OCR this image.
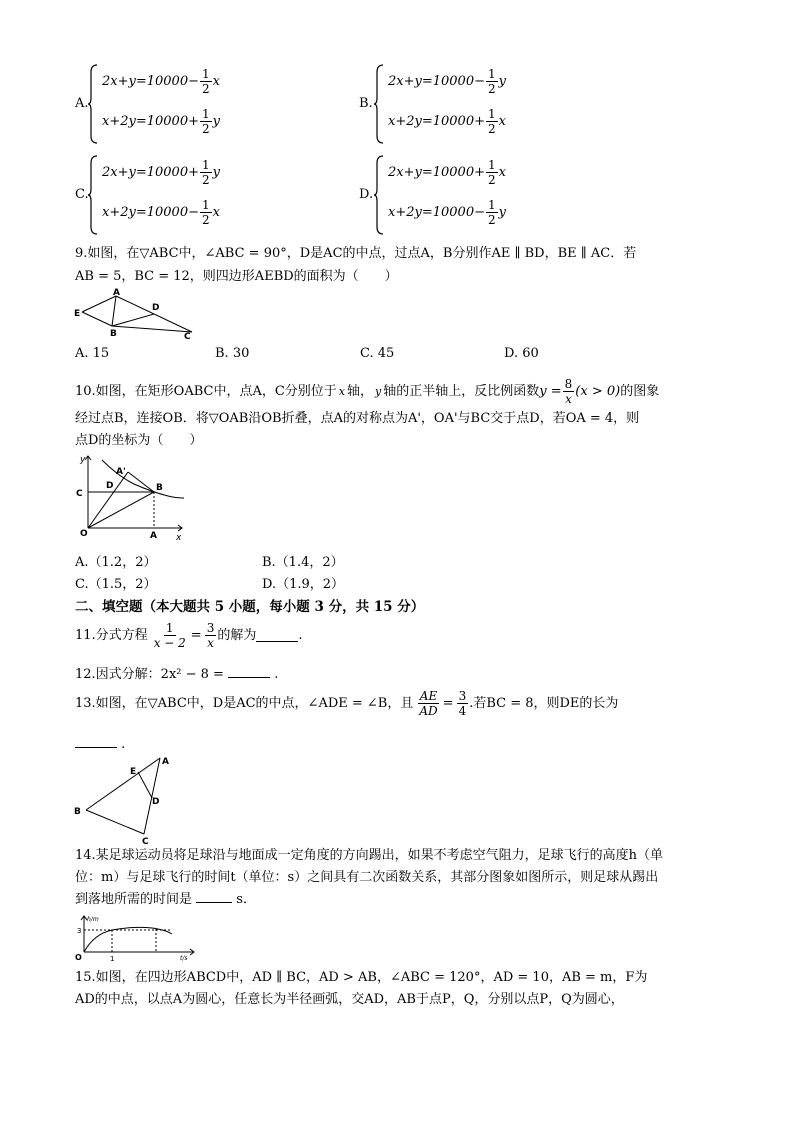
A.
$2x+y=10000- \frac{1}{2}$ x
$x+2y=10000+ \frac{1}{2}$ y
B.
$2x+y=10000- \frac{1}{2}$ y
$x+2y=10000+ \frac{1}{2}$ x
C.
$2x+y=10000+ \frac{1}{2}$ y
$x+2y=10000- \frac{1}{2}$ x
D.
$2x+y=10000+ \frac{1}{2}$ x
$x+2y=10000- \frac{1}{2}$ y
9.如图，在▽ABC中，∠ABC = 90°，D是AC的中点，过点A，B分别作AE ∥ BD，BE ∥ AC．若
AB = 5，BC = 12，则四边形AEBD的面积为（　　）
A
E
B
D
C
A. 15	B. 30	C. 45	D. 60
10.如图，在矩形OABC中，点A，C分别位于 x 轴， y 轴的正半轴上，反比例函数 $y = \frac{8}{x} (x > 0)$ 的图象
经过点B，连接OB．将▽OAB沿OB折叠，点A的对称点为A'，OA'与BC交于点D，若OA = 4，则
点D的坐标为（　　）
y
x
O	A
B
C
D
A'
A.（1.2，2）	B.（1.4，2）
C.（1.5，2）	D.（1.9，2）
二、填空题（本大题共 5 小题，每小题 3 分，共 15 分）
11.分式方程 $\frac{1}{x - 2} = \frac{3}{x}$ 的解为	.
12.因式分解：2x² − 8 =	.
13.如图，在▽ABC中，D是AC的中点，∠ADE = ∠B，且 $\frac{AE}{AD} = \frac{3}{4}$ .若BC = 8，则DE的长为
.
A
B
C
D
E
14.某足球运动员将足球沿与地面成一定角度的方向踢出，如果不考虑空气阻力，足球飞行的高度h（单
位：m）与足球飞行的时间t（单位：s）之间具有二次函数关系，其部分图象如图所示，则足球从踢出
到落地所需的时间是	s．
h/m
t/s
O
3
1
15.如图，在四边形ABCD中，AD ∥ BC，AD > AB，∠ABC = 120°，AD = 10，AB = m，F为
AD的中点，以点A为圆心，任意长为半径画弧，交AD，AB于点P，Q，分别以点P，Q为圆心，
